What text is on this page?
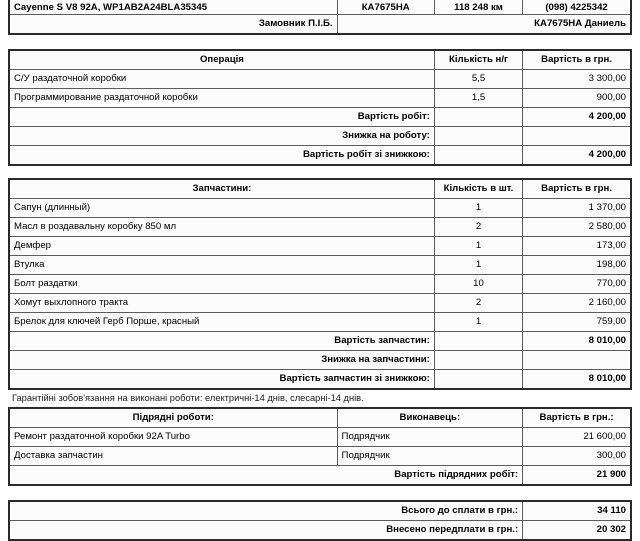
Cayenne S V8 92A, WP1AB2A24BLA35345	КА7675НА	118 248 км	(098) 4225342

Замовник П.І.Б.	КА7675НА Даниель		
Операція	Кількість н/г	Вартість в грн.
С/У раздаточной коробки	5,5	3 300,00
Программирование раздаточной коробки	1,5	900,00
Вартість робіт:		4 200,00
Знижка на роботу:		
Вартість робіт зі знижкою:		4 200,00
Запчастини:	Кількість в шт.	Вартість в грн.
Сапун (длинный)	1	1 370,00
Масл в роздавальну коробку 850 мл	2	2 580,00
Демфер	1	173,00
Втулка	1	198,00
Болт раздатки	10	770,00
Хомут выхлопного тракта	2	2 160,00
Брелок для ключей Герб Порше, красный	1	759,00
Вартість запчастин:		8 010,00
Знижка на запчастини:		
Вартість запчастин зі знижкою:		8 010,00
Гарантійні зобов'язання на виконані роботи: електричні-14 днів, слесарні-14 днів.
Підрядні роботи:	Виконавець:	Вартість в грн.:
Ремонт раздаточной коробки 92A Turbo	Подрядчик	21 600,00
Доставка запчастин	Подрядчик	300,00
Вартість підрядних робіт:		21 900
Всього до сплати в грн.:	34 110
Внесено передплати в грн.:	20 302
